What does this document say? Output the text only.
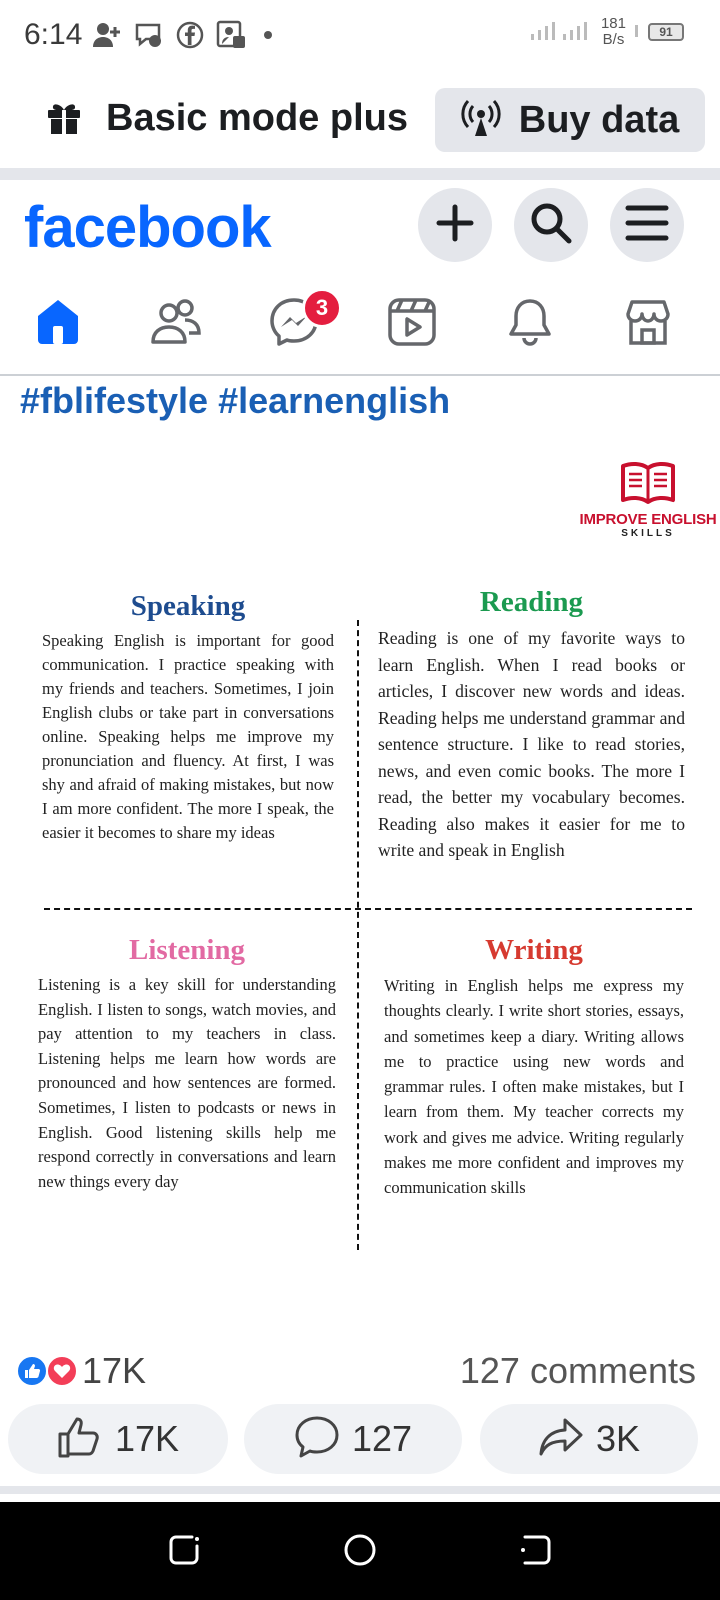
6:14	181
B/s	91
Basic mode plus	Buy data
facebook
3
#fblifestyle #learnenglish
IMPROVE ENGLISH
SKILLS
Speaking

Speaking English is important for good communication. I practice speaking with my friends and teachers. Sometimes, I join English clubs or take part in conversations online. Speaking helps me improve my pronunciation and fluency. At first, I was shy and afraid of making mistakes, but now I am more confident. The more I speak, the easier it becomes to share my ideas

Reading

Reading is one of my favorite ways to learn English. When I read books or articles, I discover new words and ideas. Reading helps me understand grammar and sentence structure. I like to read stories, news, and even comic books. The more I read, the better my vocabulary becomes. Reading also makes it easier for me to write and speak in English

Listening

Listening is a key skill for understanding English. I listen to songs, watch movies, and pay attention to my teachers in class. Listening helps me learn how words are pronounced and how sentences are formed. Sometimes, I listen to podcasts or news in English. Good listening skills help me respond correctly in conversations and learn new things every day

Writing

Writing in English helps me express my thoughts clearly. I write short stories, essays, and sometimes keep a diary. Writing allows me to practice using new words and grammar rules. I often make mistakes, but I learn from them. My teacher corrects my work and gives me advice. Writing regularly makes me more confident and improves my communication skills

17K	127 comments
17K	127	3K
